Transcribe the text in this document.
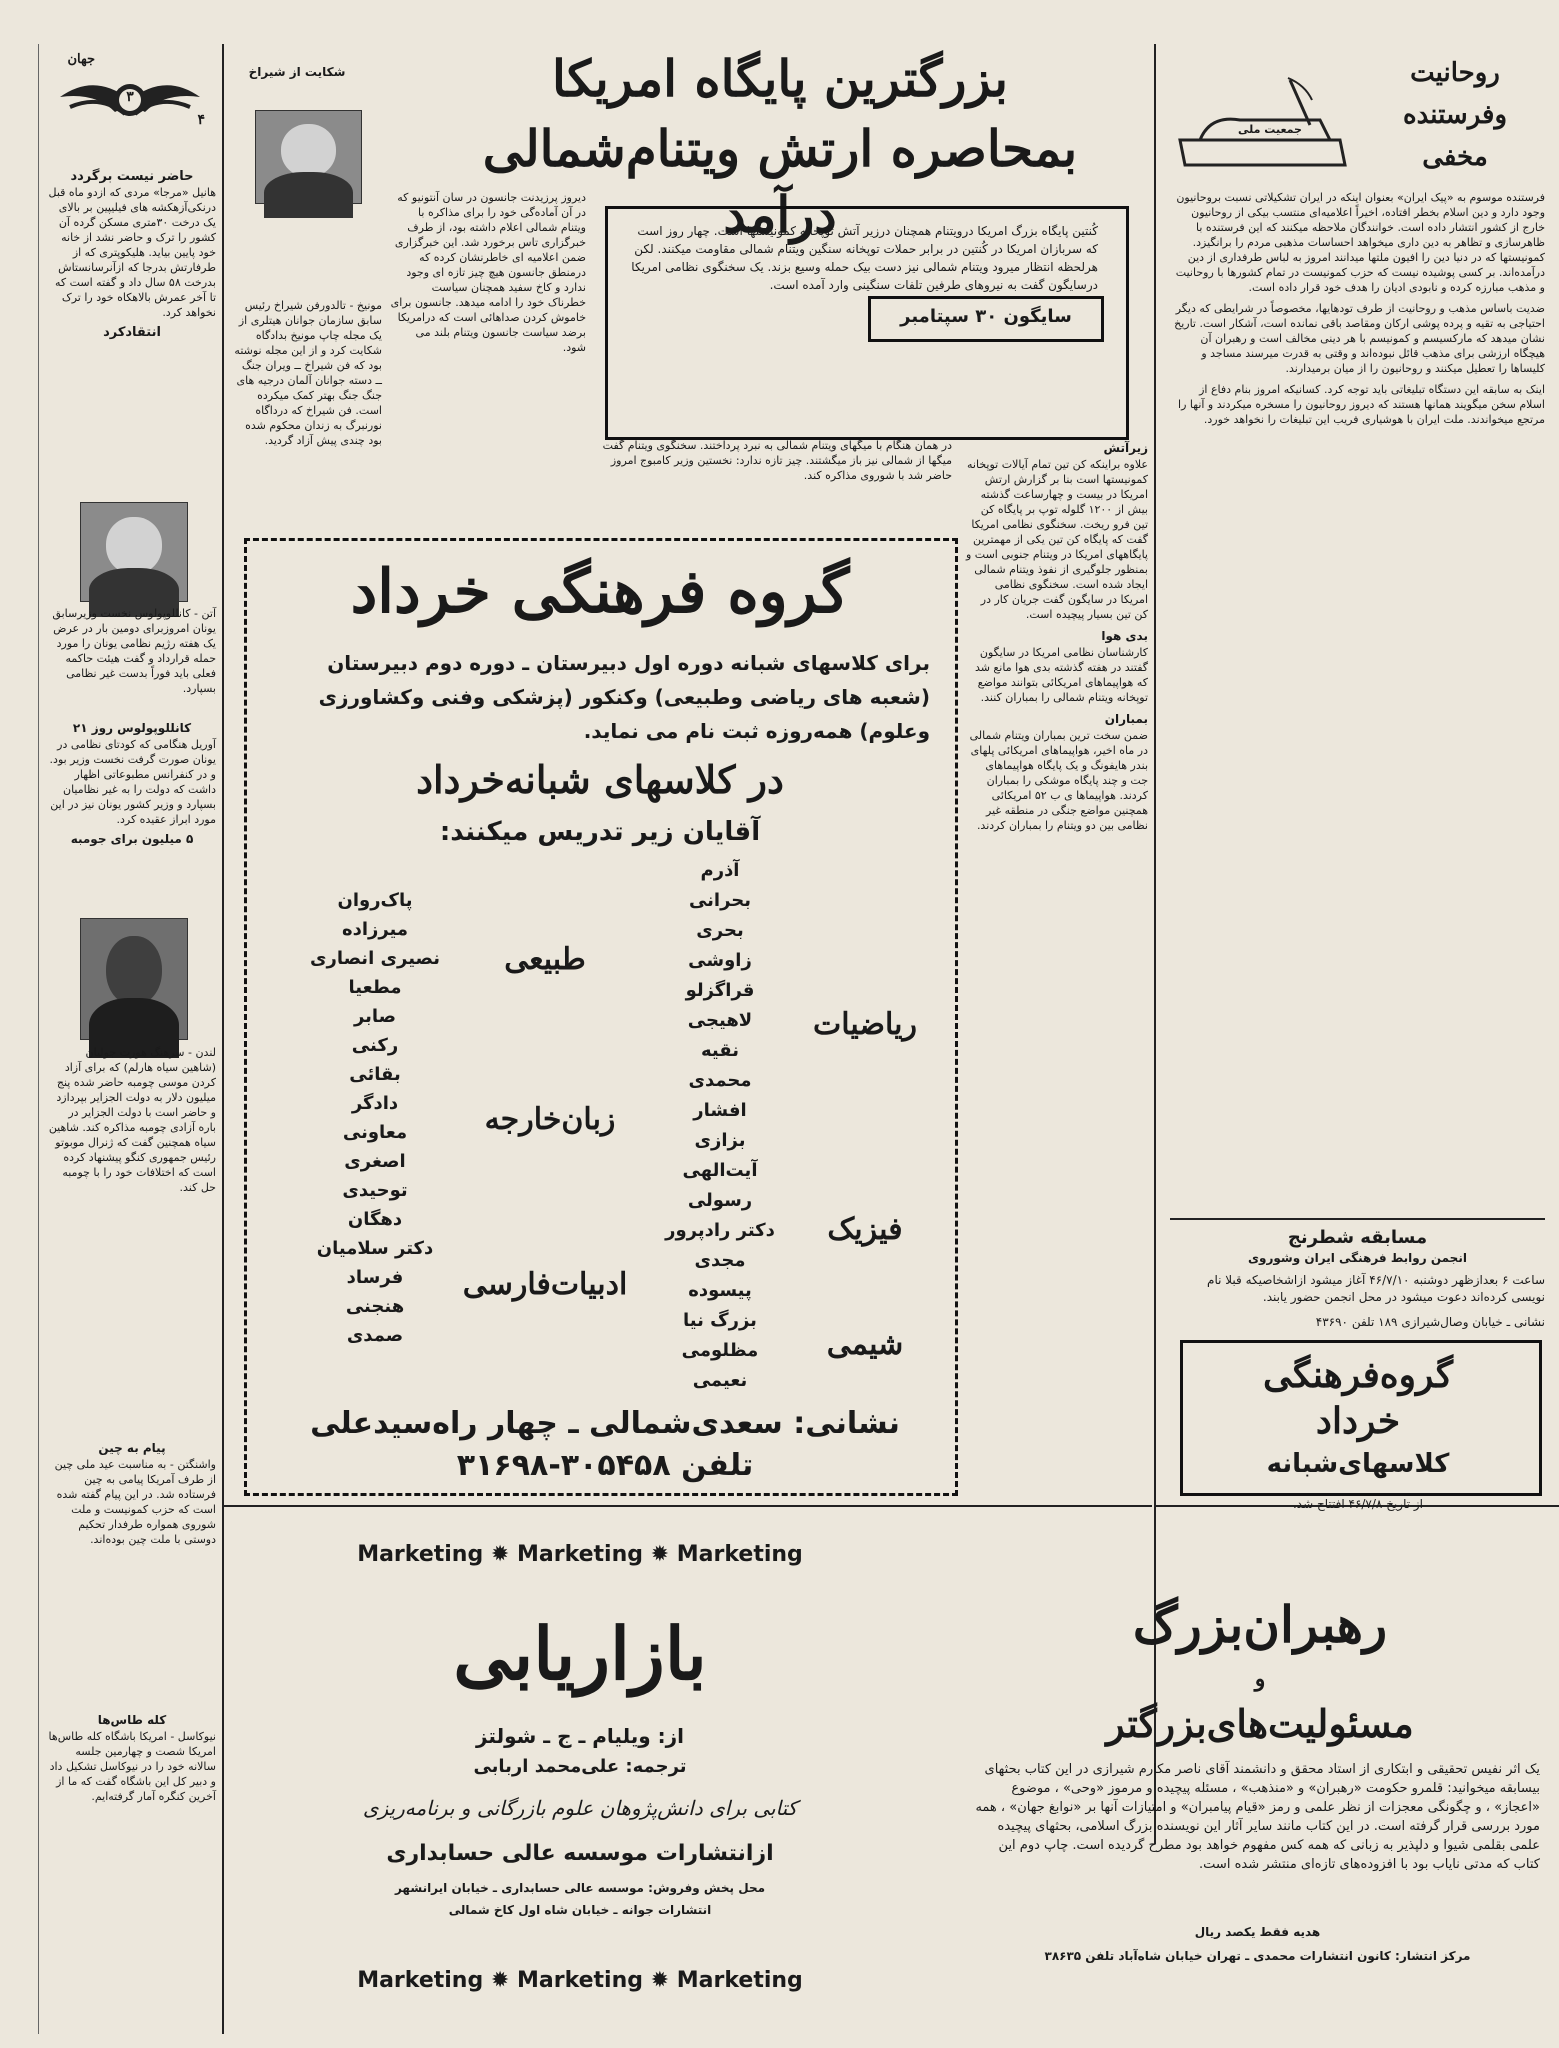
۳
جهان
۴
حاضر نیست برگردد
هانیل «مرجا» مردی که ازدو ماه قبل درنکی‌آزهکشه های فیلیپین بر بالای یک درخت ۳۰متری مسکن گرده آن کشور را ترک و حاضر نشد از خانه خود پایین بیاید. هلیکوپتری که از طرفارتش بدرجا که ازآنرسانستاش بدرخت ۵۸ سال داد و گفته است که تا آخر عمرش بالاهکاه خود را ترک نخواهد کرد.
انتقادکرد
آتن - کانللوپولوس نخست وزیرسابق یونان امروزبرای دومین بار در عرض یک هفته رژیم نظامی یونان را مورد حمله قرارداد و گفت هیئت حاکمه فعلی باید فوراً بدست غیر نظامی بسپارد.
کانللوپولوس روز ۲۱
آوریل هنگامی که کودتای نظامی در یونان صورت گرفت نخست وزیر بود. و در کنفرانس مطبوعاتی اظهار داشت که دولت را به غیر نظامیان بسپارد و وزیر کشور یونان نیز در این مورد ابراز عقیده کرد.
۵ میلیون برای جومبه
لندن - سرهنگ هورت جولیان (شاهین سیاه هارلم) که برای آزاد کردن موسی چومبه حاضر شده پنج میلیون دلار به دولت الجزایر بپردازد و حاضر است با دولت الجزایر در باره آزادی چومبه مذاکره کند. شاهین سیاه همچنین گفت که ژنرال موبوتو رئیس جمهوری کنگو پیشنهاد کرده است که اختلافات خود را با چومبه حل کند.
پیام به چین
واشنگتن - به مناسبت عید ملی چین از طرف آمریکا پیامی به چین فرستاده شد. در این پیام گفته شده است که حزب کمونیست و ملت شوروی همواره طرفدار تحکیم دوستی با ملت چین بوده‌اند.
کله طاس‌ها
نیوکاسل - امریکا باشگاه کله طاس‌ها امریکا شصت و چهارمین جلسه سالانه خود را در نیوکاسل تشکیل داد و دبیر کل این باشگاه گفت که ما از آخرین کنگره آمار گرفته‌ایم.
شکایت از شیراخ
مونیخ - تالدورفن شیراخ رئیس سابق سازمان جوانان هیتلری از یک مجله چاپ مونیخ بدادگاه شکایت کرد و از این مجله نوشته بود که فن شیراخ ــ ویران جنگ ــ دسته جوانان آلمان درجیه های جنگ جنگ بهتر کمک میکرده است. فن شیراخ که درداگاه نورنبرگ به زندان محکوم شده بود چندی پیش آزاد گردید.
دیروز پرزیدنت جانسون در سان آنتونیو که در آن آماده‌گی خود را برای مذاکره با ویتنام شمالی اعلام داشته بود، از طرف خبرگزاری تاس برخورد شد. این خبرگزاری ضمن اعلامیه ای خاطرنشان کرده که درمنطق جانسون هیچ چیز تازه ای وجود ندارد و کاخ سفید همچنان سیاست خطرناک خود را ادامه میدهد. جانسون برای خاموش کردن صداهائی است که درامریکا برضد سیاست جانسون ویتنام بلند می شود.
بزرگترین پایگاه امریکا
بمحاصره ارتش ویتنام‌شمالی درآمد
کُنتین پایگاه بزرگ امریکا درویتنام همچنان درزیر آتش توپخانه کمونیستها است. چهار روز است که سربازان امریکا در کُنتین در برابر حملات توپخانه سنگین ویتنام شمالی مقاومت میکنند. لکن هرلحظه انتظار میرود ویتنام شمالی نیز دست بیک حمله وسیع بزند. یک سخنگوی نظامی امریکا درسایگون گفت به نیروهای طرفین تلفات سنگینی وارد آمده است.
سایگون ۳۰ سپتامبر
در همان هنگام با میگهای ویتنام شمالی به نبرد پرداختند. سخنگوی ویتنام گفت میگها از شمالی نیز باز میگشتند. چیز تازه ندارد: نخستین وزیر کامبوج امروز حاضر شد با شوروی مذاکره کند.
زیرآتش
علاوه براینکه کن تین تمام آیالات توپخانه کمونیستها است بنا بر گزارش ارتش امریکا در بیست و چهارساعت گذشته بیش از ۱۲۰۰ گلوله توپ بر پایگاه کن تین فرو ریخت. سخنگوی نظامی امریکا گفت که پایگاه کن تین یکی از مهمترین پایگاههای امریکا در ویتنام جنوبی است و بمنظور جلوگیری از نفوذ ویتنام شمالی ایجاد شده است. سخنگوی نظامی امریکا در سایگون گفت جریان کار در کن تین بسیار پیچیده است.
بدی هوا
کارشناسان نظامی امریکا در سایگون گفتند در هفته گذشته بدی هوا مانع شد که هواپیماهای امریکائی بتوانند مواضع توپخانه ویتنام شمالی را بمباران کنند.
بمباران
ضمن سخت ترین بمباران ویتنام شمالی در ماه اخیر، هواپیماهای امریکائی پلهای بندر هایفونگ و یک پایگاه هواپیماهای جت و چند پایگاه موشکی را بمباران کردند. هواپیماها ی ب ۵۲ امریکائی همچنین مواضع جنگی در منطقه غیر نظامی بین دو ویتنام را بمباران کردند.
گروه فرهنگی خرداد
برای کلاسهای شبانه دوره اول دبیرستان ـ دوره دوم دبیرستان (شعبه های ریاضی وطبیعی) وکنکور (پزشکی وفنی وکشاورزی وعلوم) همه‌روزه ثبت نام می نماید.
در کلاسهای شبانه‌خرداد
آقایان زیر تدریس میکنند:
آذرم
بحرانی
بحری
زاوشی
قراگزلو
لاهیجی
نقیه
محمدی
افشار
بزازی
آیت‌الهی
رسولی
دکتر رادپرور
مجدی
پیسوده
بزرگ نیا
مظلومی
نعیمی
پاک‌روان
میرزاده
نصیری انصاری
مطعیا
صابر
رکنی
بقائی
دادگر
معاونی
اصغری
توحیدی
دهگان
دکتر سلامیان
فرساد
هنجنی
صمدی
ریاضیات
طبیعی
زبان‌خارجه
فیزیک
ادبیات‌فارسی
شیمی
نشانی: سعدی‌شمالی ـ چهار راه‌سیدعلی
تلفن ۳۰۵۴۵۸-۳۱۶۹۸
Marketing ✹ Marketing ✹ Marketing
بازاریابی
از: ویلیام ـ ج ـ شولتز
ترجمه: علی‌محمد اربابی
کتابی برای دانش‌پژوهان علوم بازرگانی و برنامه‌ریزی
ازانتشارات موسسه عالی حسابداری
محل پخش وفروش: موسسه عالی حسابداری ـ خیابان ایرانشهر
انتشارات جوانه ـ خیابان شاه اول کاخ شمالی
Marketing ✹ Marketing ✹ Marketing
روحانیت
وفرستنده
مخفی
جمعیت ملی
فرستنده موسوم به «پیک ایران» بعنوان اینکه در ایران تشکیلاتی نسبت بروحانیون وجود دارد و دین اسلام بخطر افتاده، اخیراً اعلامیه‌ای منتسب بیکی از روحانیون خارج از کشور انتشار داده است. خوانندگان ملاحظه میکنند که این فرستنده با ظاهرسازی و تظاهر به دین داری میخواهد احساسات مذهبی مردم را برانگیزد. کمونیستها که در دنیا دین را افیون ملتها میدانند امروز به لباس طرفداری از دین درآمده‌اند. بر کسی پوشیده نیست که حزب کمونیست در تمام کشورها با روحانیت و مذهب مبارزه کرده و نابودی ادیان را هدف خود قرار داده است.
ضدیت باساس مذهب و روحانیت از طرف تودهایها، مخصوصاً در شرایطی که دیگر احتیاجی به تقیه و پرده پوشی ارکان ومقاصد باقی نمانده است، آشکار است. تاریخ نشان میدهد که مارکسیسم و کمونیسم با هر دینی مخالف است و رهبران آن هیچگاه ارزشی برای مذهب قائل نبوده‌اند و وقتی به قدرت میرسند مساجد و کلیساها را تعطیل میکنند و روحانیون را از میان برمیدارند.
اینک به سابقه این دستگاه تبلیغاتی باید توجه کرد. کسانیکه امروز بنام دفاع از اسلام سخن میگویند همانها هستند که دیروز روحانیون را مسخره میکردند و آنها را مرتجع میخواندند. ملت ایران با هوشیاری فریب این تبلیغات را نخواهد خورد.
مسابقه شطرنج
انجمن روابط فرهنگی ایران وشوروی
ساعت ۶ بعدازظهر دوشنبه ۴۶/۷/۱۰ آغاز میشود ازاشخاصیکه قبلا نام نویسی کرده‌اند دعوت میشود در محل انجمن حضور یابند.
نشانی ـ خیابان وصال‌شیرازی ۱۸۹ تلفن ۴۳۶۹۰
گروه‌فرهنگی
خرداد
کلاسهای‌شبانه
از تاریخ ۴۶/۷/۸ افتتاح شد.
رهبران‌بزرگ
و
مسئولیت‌های‌بزرگتر
یک اثر نفیس تحقیقی و ابتکاری از استاد محقق و دانشمند آقای ناصر مکارم شیرازی در این کتاب بحثهای بیسابقه میخوانید: قلمرو حکومت «رهبران» و «منذهب» ، مسئله پیچیده و مرموز «وحی» ، موضوع «اعجاز» ، و چگونگی معجزات از نظر علمی و رمز «قیام پیامبران» و امتیازات آنها بر «نوابغ جهان» ، همه مورد بررسی قرار گرفته است. در این کتاب مانند سایر آثار این نویسنده بزرگ اسلامی، بحثهای پیچیده علمی بقلمی شیوا و دلپذیر به زبانی که همه کس مفهوم خواهد بود مطرح گردیده است. چاپ دوم این کتاب که مدتی نایاب بود با افزوده‌های تازه‌ای منتشر شده است.
هدیه فقط یکصد ریال
مرکز انتشار: کانون انتشارات محمدی ـ تهران خیابان شاه‌آباد تلفن ۳۸۶۳۵
